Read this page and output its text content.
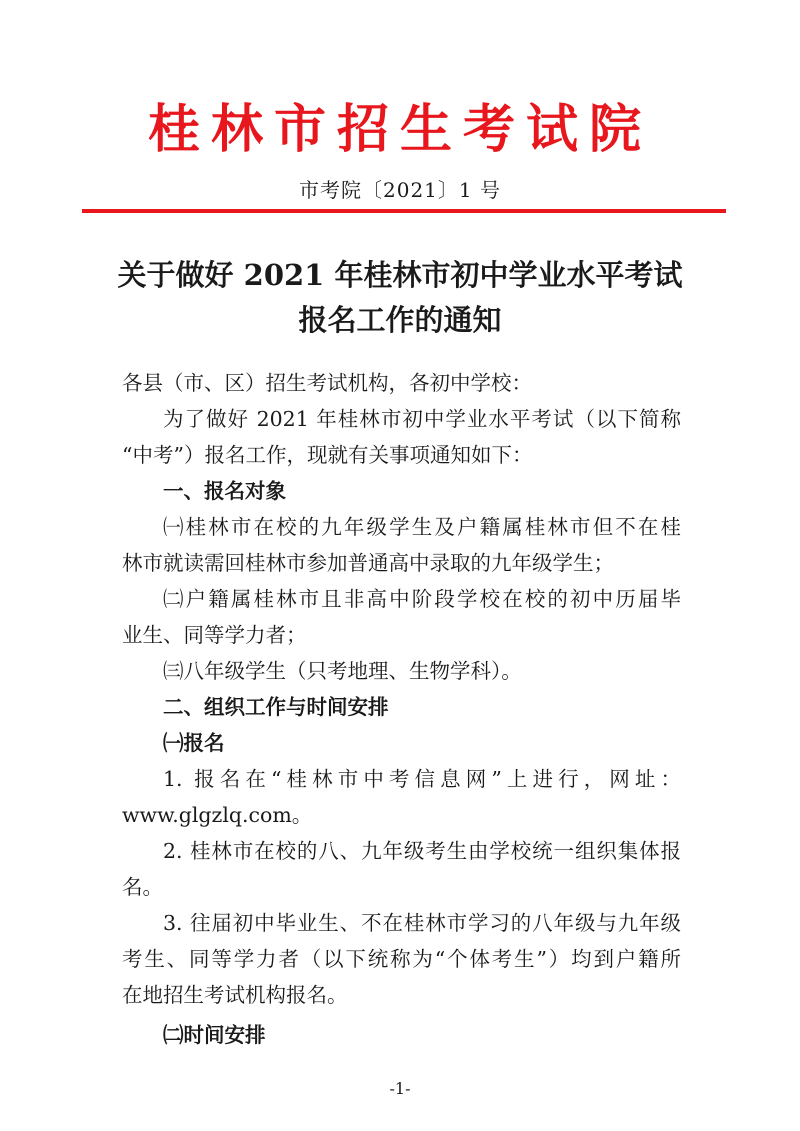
桂林市招生考试院
市考院〔2021〕1 号
关于做好 2021 年桂林市初中学业水平考试
报名工作的通知
各县（市、区）招生考试机构，各初中学校：
为了做好 2021 年桂林市初中学业水平考试（以下简称
“中考”）报名工作，现就有关事项通知如下：
一、报名对象
㈠桂林市在校的九年级学生及户籍属桂林市但不在桂
林市就读需回桂林市参加普通高中录取的九年级学生；
㈡户籍属桂林市且非高中阶段学校在校的初中历届毕
业生、同等学力者；
㈢八年级学生（只考地理、生物学科）。
二、组织工作与时间安排
㈠报名
1. 报名在“桂林市中考信息网”上进行，网址：
www.glgzlq.com。
2. 桂林市在校的八、九年级考生由学校统一组织集体报
名。
3. 往届初中毕业生、不在桂林市学习的八年级与九年级
考生、同等学力者（以下统称为“个体考生”）均到户籍所
在地招生考试机构报名。
㈡时间安排
-1-
